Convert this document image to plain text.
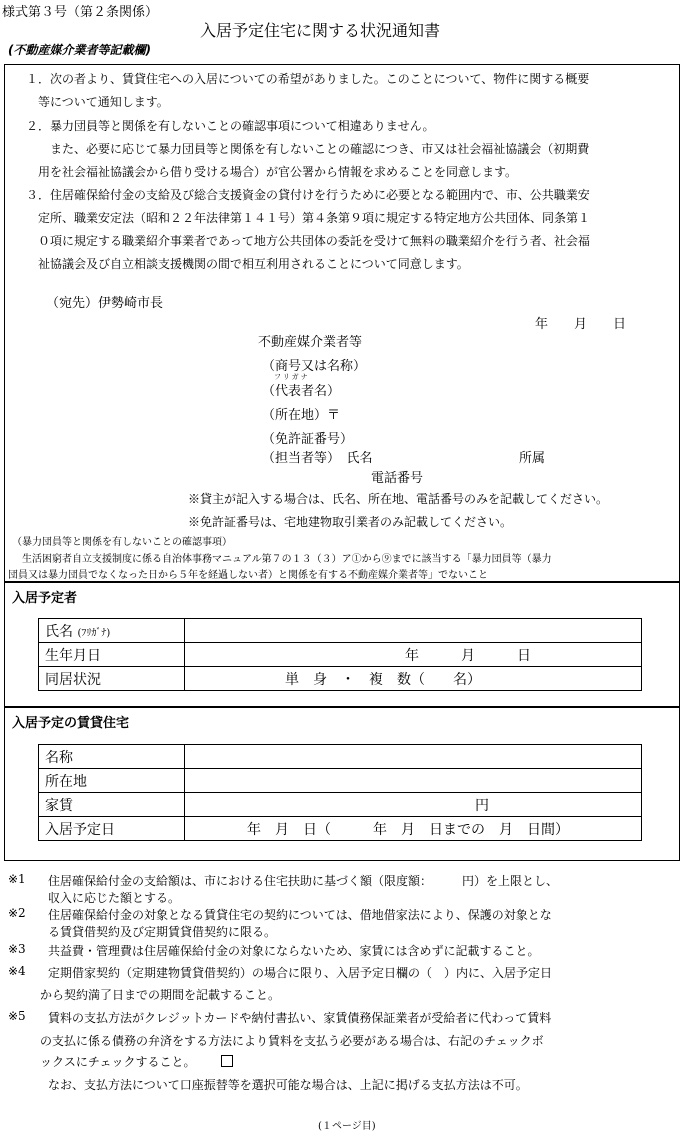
様式第３号（第２条関係）
入居予定住宅に関する状況通知書
(不動産媒介業者等記載欄)
１．次の者より、賃貸住宅への入居についての希望がありました。このことについて、物件に関する概要
等について通知します。
２．暴力団員等と関係を有しないことの確認事項について相違ありません。
また、必要に応じて暴力団員等と関係を有しないことの確認につき、市又は社会福祉協議会（初期費
用を社会福祉協議会から借り受ける場合）が官公署から情報を求めることを同意します。
３．住居確保給付金の支給及び総合支援資金の貸付けを行うために必要となる範囲内で、市、公共職業安
定所、職業安定法（昭和２２年法律第１４１号）第４条第９項に規定する特定地方公共団体、同条第１
０項に規定する職業紹介事業者であって地方公共団体の委託を受けて無料の職業紹介を行う者、社会福
祉協議会及び自立相談支援機関の間で相互利用されることについて同意します。
（宛先）伊勢崎市長
年　　月　　日
不動産媒介業者等
（商号又は名称）
フリガナ
（代表者名）
（所在地）〒
（免許証番号）
（担当者等）　氏名	所属
電話番号
※貸主が記入する場合は、氏名、所在地、電話番号のみを記載してください。
※免許証番号は、宅地建物取引業者のみ記載してください。
（暴力団員等と関係を有しないことの確認事項）
生活困窮者自立支援制度に係る自治体事務マニュアル第７の１３（３）ア①から⑨までに該当する「暴力団員等（暴力
団員又は暴力団員でなくなった日から５年を経過しない者）と関係を有する不動産媒介業者等」でないこと
入居予定者
氏名 (ﾌﾘｶﾞﾅ)	
生年月日	年　　　月　　　日
同居状況	単　身　・　複　数（　　名）
入居予定の賃貸住宅
名称	
所在地	
家賃	円
入居予定日	年　月　日（　　　年　月　日までの　月　日間）
※1 住居確保給付金の支給額は、市における住宅扶助に基づく額（限度額：　　　円）を上限とし、
収入に応じた額とする。
※2 住居確保給付金の対象となる賃貸住宅の契約については、借地借家法により、保護の対象とな
る賃貸借契約及び定期賃貸借契約に限る。
※3 共益費・管理費は住居確保給付金の対象にならないため、家賃には含めずに記載すること。
※4 定期借家契約（定期建物賃貸借契約）の場合に限り、入居予定日欄の（　）内に、入居予定日
から契約満了日までの期間を記載すること。
※5 賃料の支払方法がクレジットカードや納付書払い、家賃債務保証業者が受給者に代わって賃料
の支払に係る債務の弁済をする方法により賃料を支払う必要がある場合は、右記のチェックボ
ックスにチェックすること。
なお、支払方法について口座振替等を選択可能な場合は、上記に掲げる支払方法は不可。
(１ページ目)
